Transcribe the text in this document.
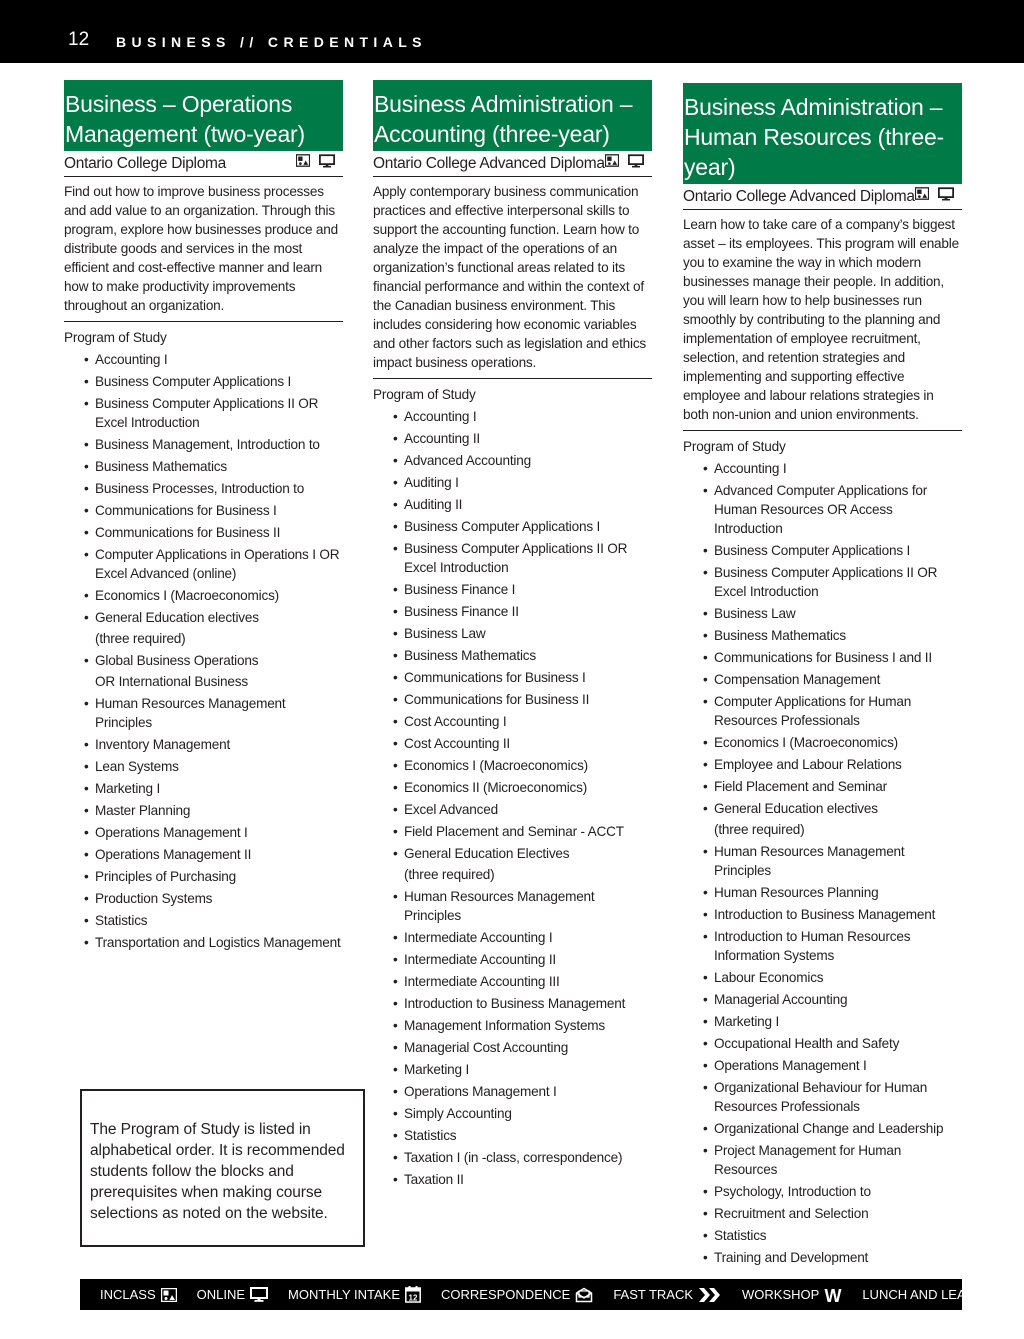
12 BUSINESS // CREDENTIALS
Business – Operations Management (two-year)
Ontario College Diploma
Find out how to improve business processes and add value to an organization. Through this program, explore how businesses produce and distribute goods and services in the most efficient and cost-effective manner and learn how to make productivity improvements throughout an organization.
Program of Study
• Accounting I
• Business Computer Applications I
• Business Computer Applications II OR Excel Introduction
• Business Management, Introduction to
• Business Mathematics
• Business Processes, Introduction to
• Communications for Business I
• Communications for Business II
• Computer Applications in Operations I OR Excel Advanced (online)
• Economics I (Macroeconomics)
• General Education electives
(three required)
• Global Business Operations
OR International Business
• Human Resources Management Principles
• Inventory Management
• Lean Systems
• Marketing I
• Master Planning
• Operations Management I
• Operations Management II
• Principles of Purchasing
• Production Systems
• Statistics
• Transportation and Logistics Management
Business Administration – Accounting (three-year)
Ontario College Advanced Diploma
Apply contemporary business communication practices and effective interpersonal skills to support the accounting function. Learn how to analyze the impact of the operations of an organization’s functional areas related to its financial performance and within the context of the Canadian business environment. This includes considering how economic variables and other factors such as legislation and ethics impact business operations.
Program of Study
• Accounting I
• Accounting II
• Advanced Accounting
• Auditing I
• Auditing II
• Business Computer Applications I
• Business Computer Applications II OR Excel Introduction
• Business Finance I
• Business Finance II
• Business Law
• Business Mathematics
• Communications for Business I
• Communications for Business II
• Cost Accounting I
• Cost Accounting II
• Economics I (Macroeconomics)
• Economics II (Microeconomics)
• Excel Advanced
• Field Placement and Seminar - ACCT
• General Education Electives
(three required)
• Human Resources Management Principles
• Intermediate Accounting I
• Intermediate Accounting II
• Intermediate Accounting III
• Introduction to Business Management
• Management Information Systems
• Managerial Cost Accounting
• Marketing I
• Operations Management I
• Simply Accounting
• Statistics
• Taxation I (in -class, correspondence)
• Taxation II
Business Administration – Human Resources (three-year)
Ontario College Advanced Diploma
Learn how to take care of a company’s biggest asset – its employees. This program will enable you to examine the way in which modern businesses manage their people. In addition, you will learn how to help businesses run smoothly by contributing to the planning and implementation of employee recruitment, selection, and retention strategies and implementing and supporting effective employee and labour relations strategies in both non-union and union environments.
Program of Study
• Accounting I
• Advanced Computer Applications for Human Resources OR Access Introduction
• Business Computer Applications I
• Business Computer Applications II OR Excel Introduction
• Business Law
• Business Mathematics
• Communications for Business I and II
• Compensation Management
• Computer Applications for Human Resources Professionals
• Economics I (Macroeconomics)
• Employee and Labour Relations
• Field Placement and Seminar
• General Education electives
(three required)
• Human Resources Management Principles
• Human Resources Planning
• Introduction to Business Management
• Introduction to Human Resources Information Systems
• Labour Economics
• Managerial Accounting
• Marketing I
• Occupational Health and Safety
• Operations Management I
• Organizational Behaviour for Human Resources Professionals
• Organizational Change and Leadership
• Project Management for Human Resources
• Psychology, Introduction to
• Recruitment and Selection
• Statistics
• Training and Development
The Program of Study is listed in alphabetical order. It is recommended students follow the blocks and prerequisites when making course selections as noted on the website.
INCLASS	ONLINE	MONTHLY INTAKE 12 CORRESPONDENCE	FAST TRACK	WORKSHOP W LUNCH AND LEARN
